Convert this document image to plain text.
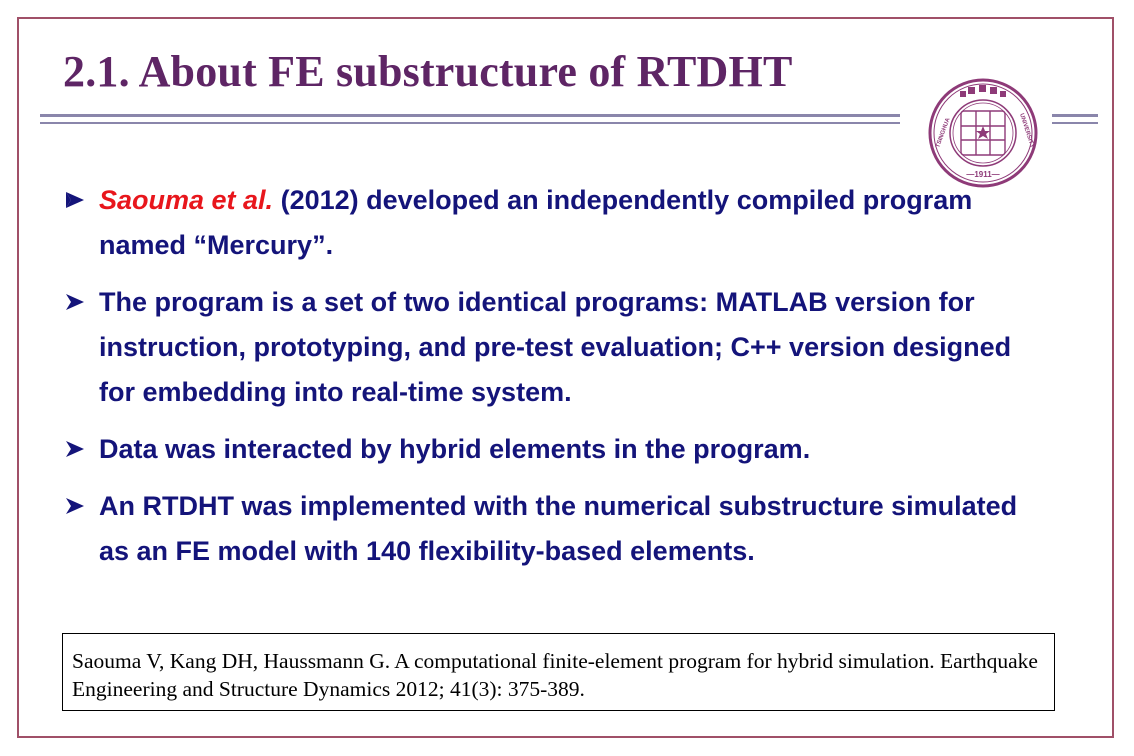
2.1. About FE substructure of RTDHT
—1911—
TSINGHUA	UNIVERSITY
Saouma et al. (2012) developed an independently compiled program named “Mercury”.
The program is a set of two identical programs: MATLAB version for instruction, prototyping, and pre-test evaluation; C++ version designed for embedding into real-time system.
Data was interacted by hybrid elements in the program.
An RTDHT was implemented with the numerical substructure simulated as an FE model with 140 flexibility-based elements.
Saouma V, Kang DH, Haussmann G. A computational finite-element program for hybrid simulation. Earthquake Engineering and Structure Dynamics 2012; 41(3): 375-389.
